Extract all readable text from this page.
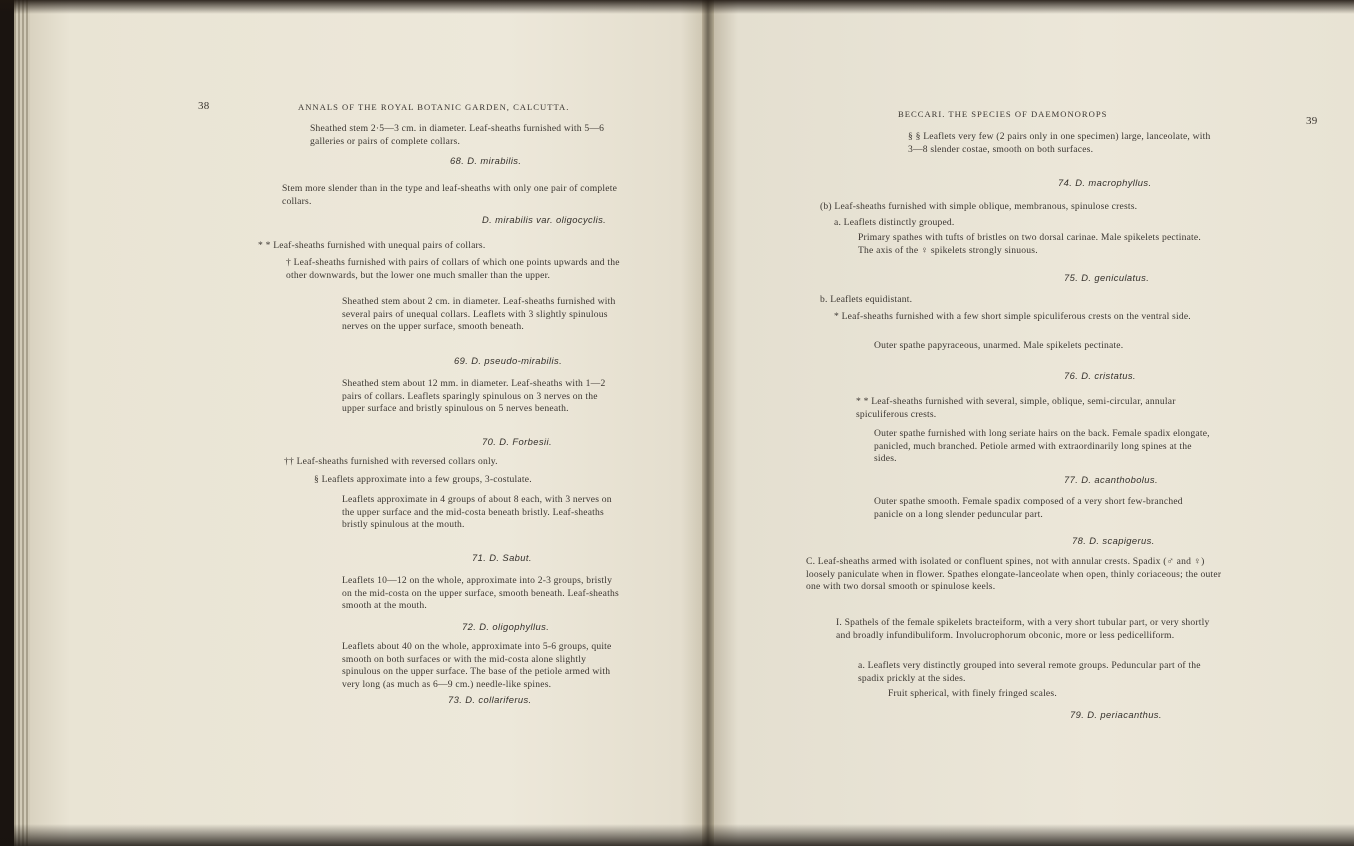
38	ANNALS OF THE ROYAL BOTANIC GARDEN, CALCUTTA.
Sheathed stem 2·5—3 cm. in diameter. Leaf-sheaths furnished with 5—6 galleries or pairs of complete collars.
68. D. mirabilis.
Stem more slender than in the type and leaf-sheaths with only one pair of complete collars.
D. mirabilis var. oligocyclis.
* * Leaf-sheaths furnished with unequal pairs of collars.
† Leaf-sheaths furnished with pairs of collars of which one points upwards and the other downwards, but the lower one much smaller than the upper.
Sheathed stem about 2 cm. in diameter. Leaf-sheaths furnished with several pairs of unequal collars. Leaflets with 3 slightly spinulous nerves on the upper surface, smooth beneath.
69. D. pseudo-mirabilis.
Sheathed stem about 12 mm. in diameter. Leaf-sheaths with 1—2 pairs of collars. Leaflets sparingly spinulous on 3 nerves on the upper surface and bristly spinulous on 5 nerves beneath.
70. D. Forbesii.
†† Leaf-sheaths furnished with reversed collars only.
§ Leaflets approximate into a few groups, 3-costulate.
Leaflets approximate in 4 groups of about 8 each, with 3 nerves on the upper surface and the mid-costa beneath bristly. Leaf-sheaths bristly spinulous at the mouth.
71. D. Sabut.
Leaflets 10—12 on the whole, approximate into 2-3 groups, bristly on the mid-costa on the upper surface, smooth beneath. Leaf-sheaths smooth at the mouth.
72. D. oligophyllus.
Leaflets about 40 on the whole, approximate into 5-6 groups, quite smooth on both surfaces or with the mid-costa alone slightly spinulous on the upper surface. The base of the petiole armed with very long (as much as 6—9 cm.) needle-like spines.
73. D. collariferus.
BECCARI. THE SPECIES OF DAEMONOROPS
39
§ § Leaflets very few (2 pairs only in one specimen) large, lanceolate, with 3—8 slender costae, smooth on both surfaces.
74. D. macrophyllus.
(b) Leaf-sheaths furnished with simple oblique, membranous, spinulose crests.
a. Leaflets distinctly grouped.
Primary spathes with tufts of bristles on two dorsal carinae. Male spikelets pectinate. The axis of the ♀ spikelets strongly sinuous.
75. D. geniculatus.
b. Leaflets equidistant.
* Leaf-sheaths furnished with a few short simple spiculiferous crests on the ventral side.
Outer spathe papyraceous, unarmed. Male spikelets pectinate.
76. D. cristatus.
* * Leaf-sheaths furnished with several, simple, oblique, semi-circular, annular spiculiferous crests.
Outer spathe furnished with long seriate hairs on the back. Female spadix elongate, panicled, much branched. Petiole armed with extraordinarily long spines at the sides.
77. D. acanthobolus.
Outer spathe smooth. Female spadix composed of a very short few-branched panicle on a long slender peduncular part.
78. D. scapigerus.
C. Leaf-sheaths armed with isolated or confluent spines, not with annular crests. Spadix (♂ and ♀) loosely paniculate when in flower. Spathes elongate-lanceolate when open, thinly coriaceous; the outer one with two dorsal smooth or spinulose keels.
I. Spathels of the female spikelets bracteiform, with a very short tubular part, or very shortly and broadly infundibuliform. Involucrophorum obconic, more or less pedicelliform.
a. Leaflets very distinctly grouped into several remote groups. Peduncular part of the spadix prickly at the sides.
Fruit spherical, with finely fringed scales.
79. D. periacanthus.
